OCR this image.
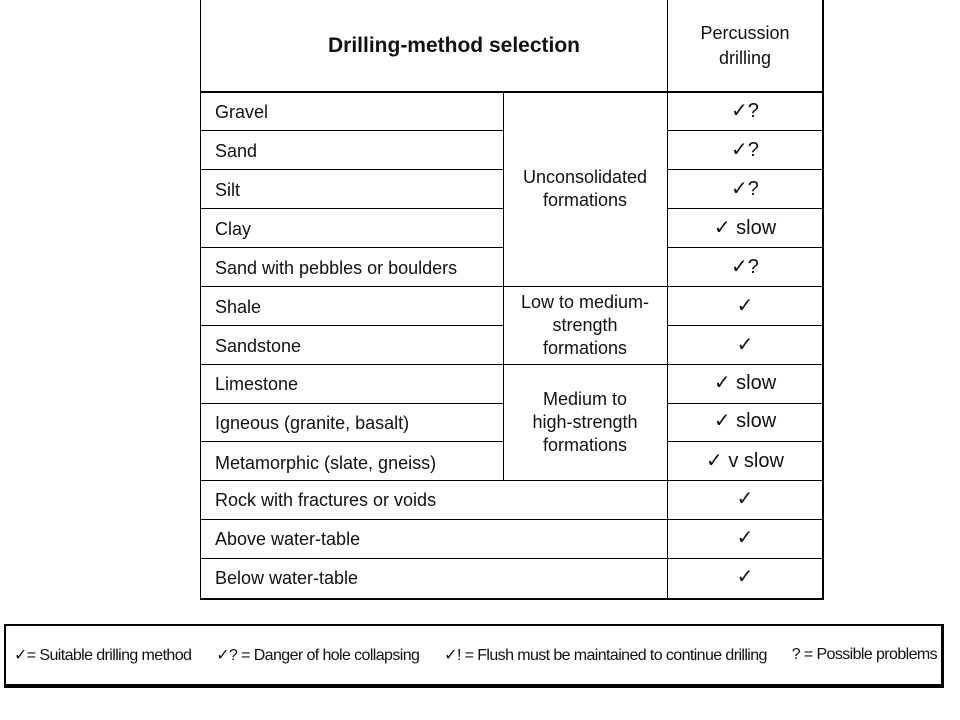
Drilling-method selection
Percussion
drilling
Gravel
Sand
Silt
Clay
Sand with pebbles or boulders
Shale
Sandstone
Limestone
Igneous (granite, basalt)
Metamorphic (slate, gneiss)
Rock with fractures or voids
Above water-table
Below water-table
Unconsolidated
formations
Low to medium-
strength
formations
Medium to
high-strength
formations
✓?
✓?
✓?
✓ slow
✓?
✓
✓
✓ slow
✓ slow
✓ v slow
✓
✓
✓
✓= Suitable drilling method ✓? = Danger of hole collapsing ✓! = Flush must be maintained to continue drilling ? = Possible problems
